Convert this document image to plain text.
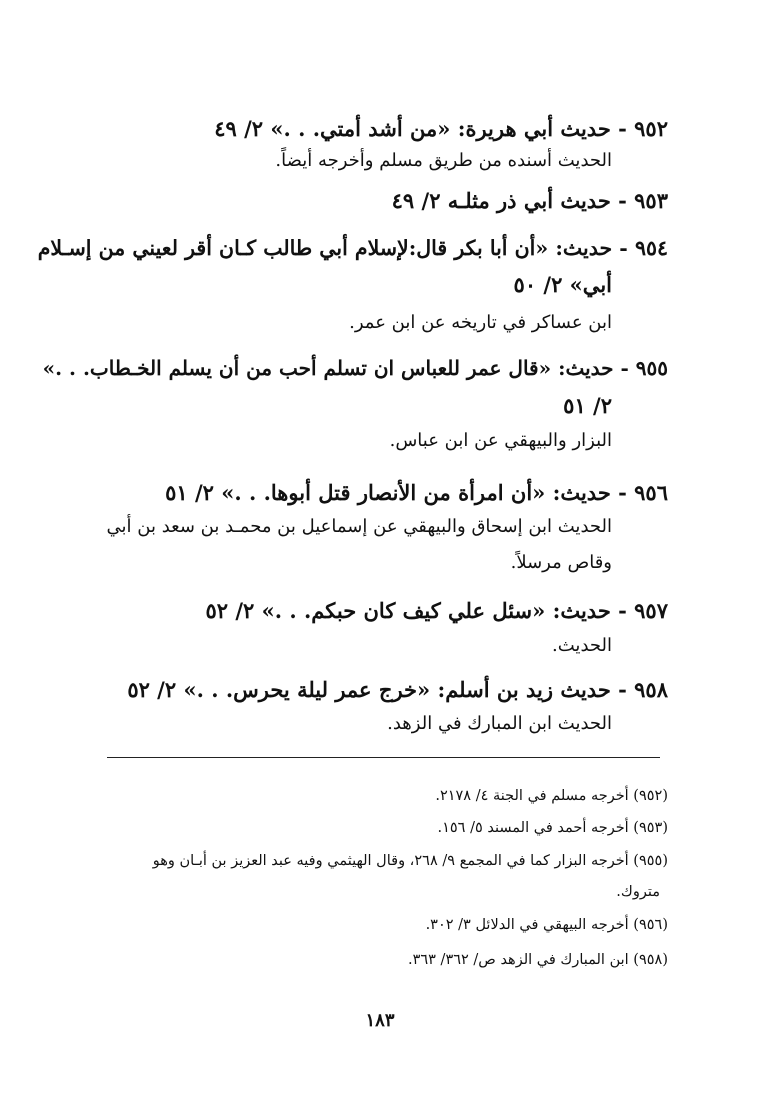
٩٥٢ - حديث أبي هريرة: «من أشد أمتي. . .» ٢/ ٤٩

الحديث أسنده من طريق مسلم وأخرجه أيضاً.

٩٥٣ - حديث أبي ذر مثلـه ٢/ ٤٩

٩٥٤ - حديث: «أن أبا بكر قال:لإسلام أبي طالب كـان أقر لعيني من إسـلام

أبي» ٢/ ٥٠

ابن عساكر في تاريخه عن ابن عمر.

٩٥٥ - حديث: «قال عمر للعباس ان تسلم أحب من أن يسلم الخـطاب. . .»

٢/ ٥١

البزار والبيهقي عن ابن عباس.

٩٥٦ - حديث: «أن امرأة من الأنصار قتل أبوها. . .» ٢/ ٥١

الحديث ابن إسحاق والبيهقي عن إسماعيل بن محمـد بن سعد بن أبي

وقاص مرسلاً.

٩٥٧ - حديث: «سئل علي كيف كان حبكم. . .» ٢/ ٥٢

الحديث.

٩٥٨ - حديث زيد بن أسلم: «خرج عمر ليلة يحرس. . .» ٢/ ٥٢

الحديث ابن المبارك في الزهد.

(٩٥٢) أخرجه مسلم في الجنة ٤/ ٢١٧٨.

(٩٥٣) أخرجه أحمد في المسند ٥/ ١٥٦.

(٩٥٥) أخرجه البزار كما في المجمع ٩/ ٢٦٨، وقال الهيثمي وفيه عبد العزيز بن أبـان وهو

متروك.

(٩٥٦) أخرجه البيهقي في الدلائل ٣/ ٣٠٢.

(٩٥٨) ابن المبارك في الزهد ص/ ٣٦٢/ ٣٦٣.

١٨٣
